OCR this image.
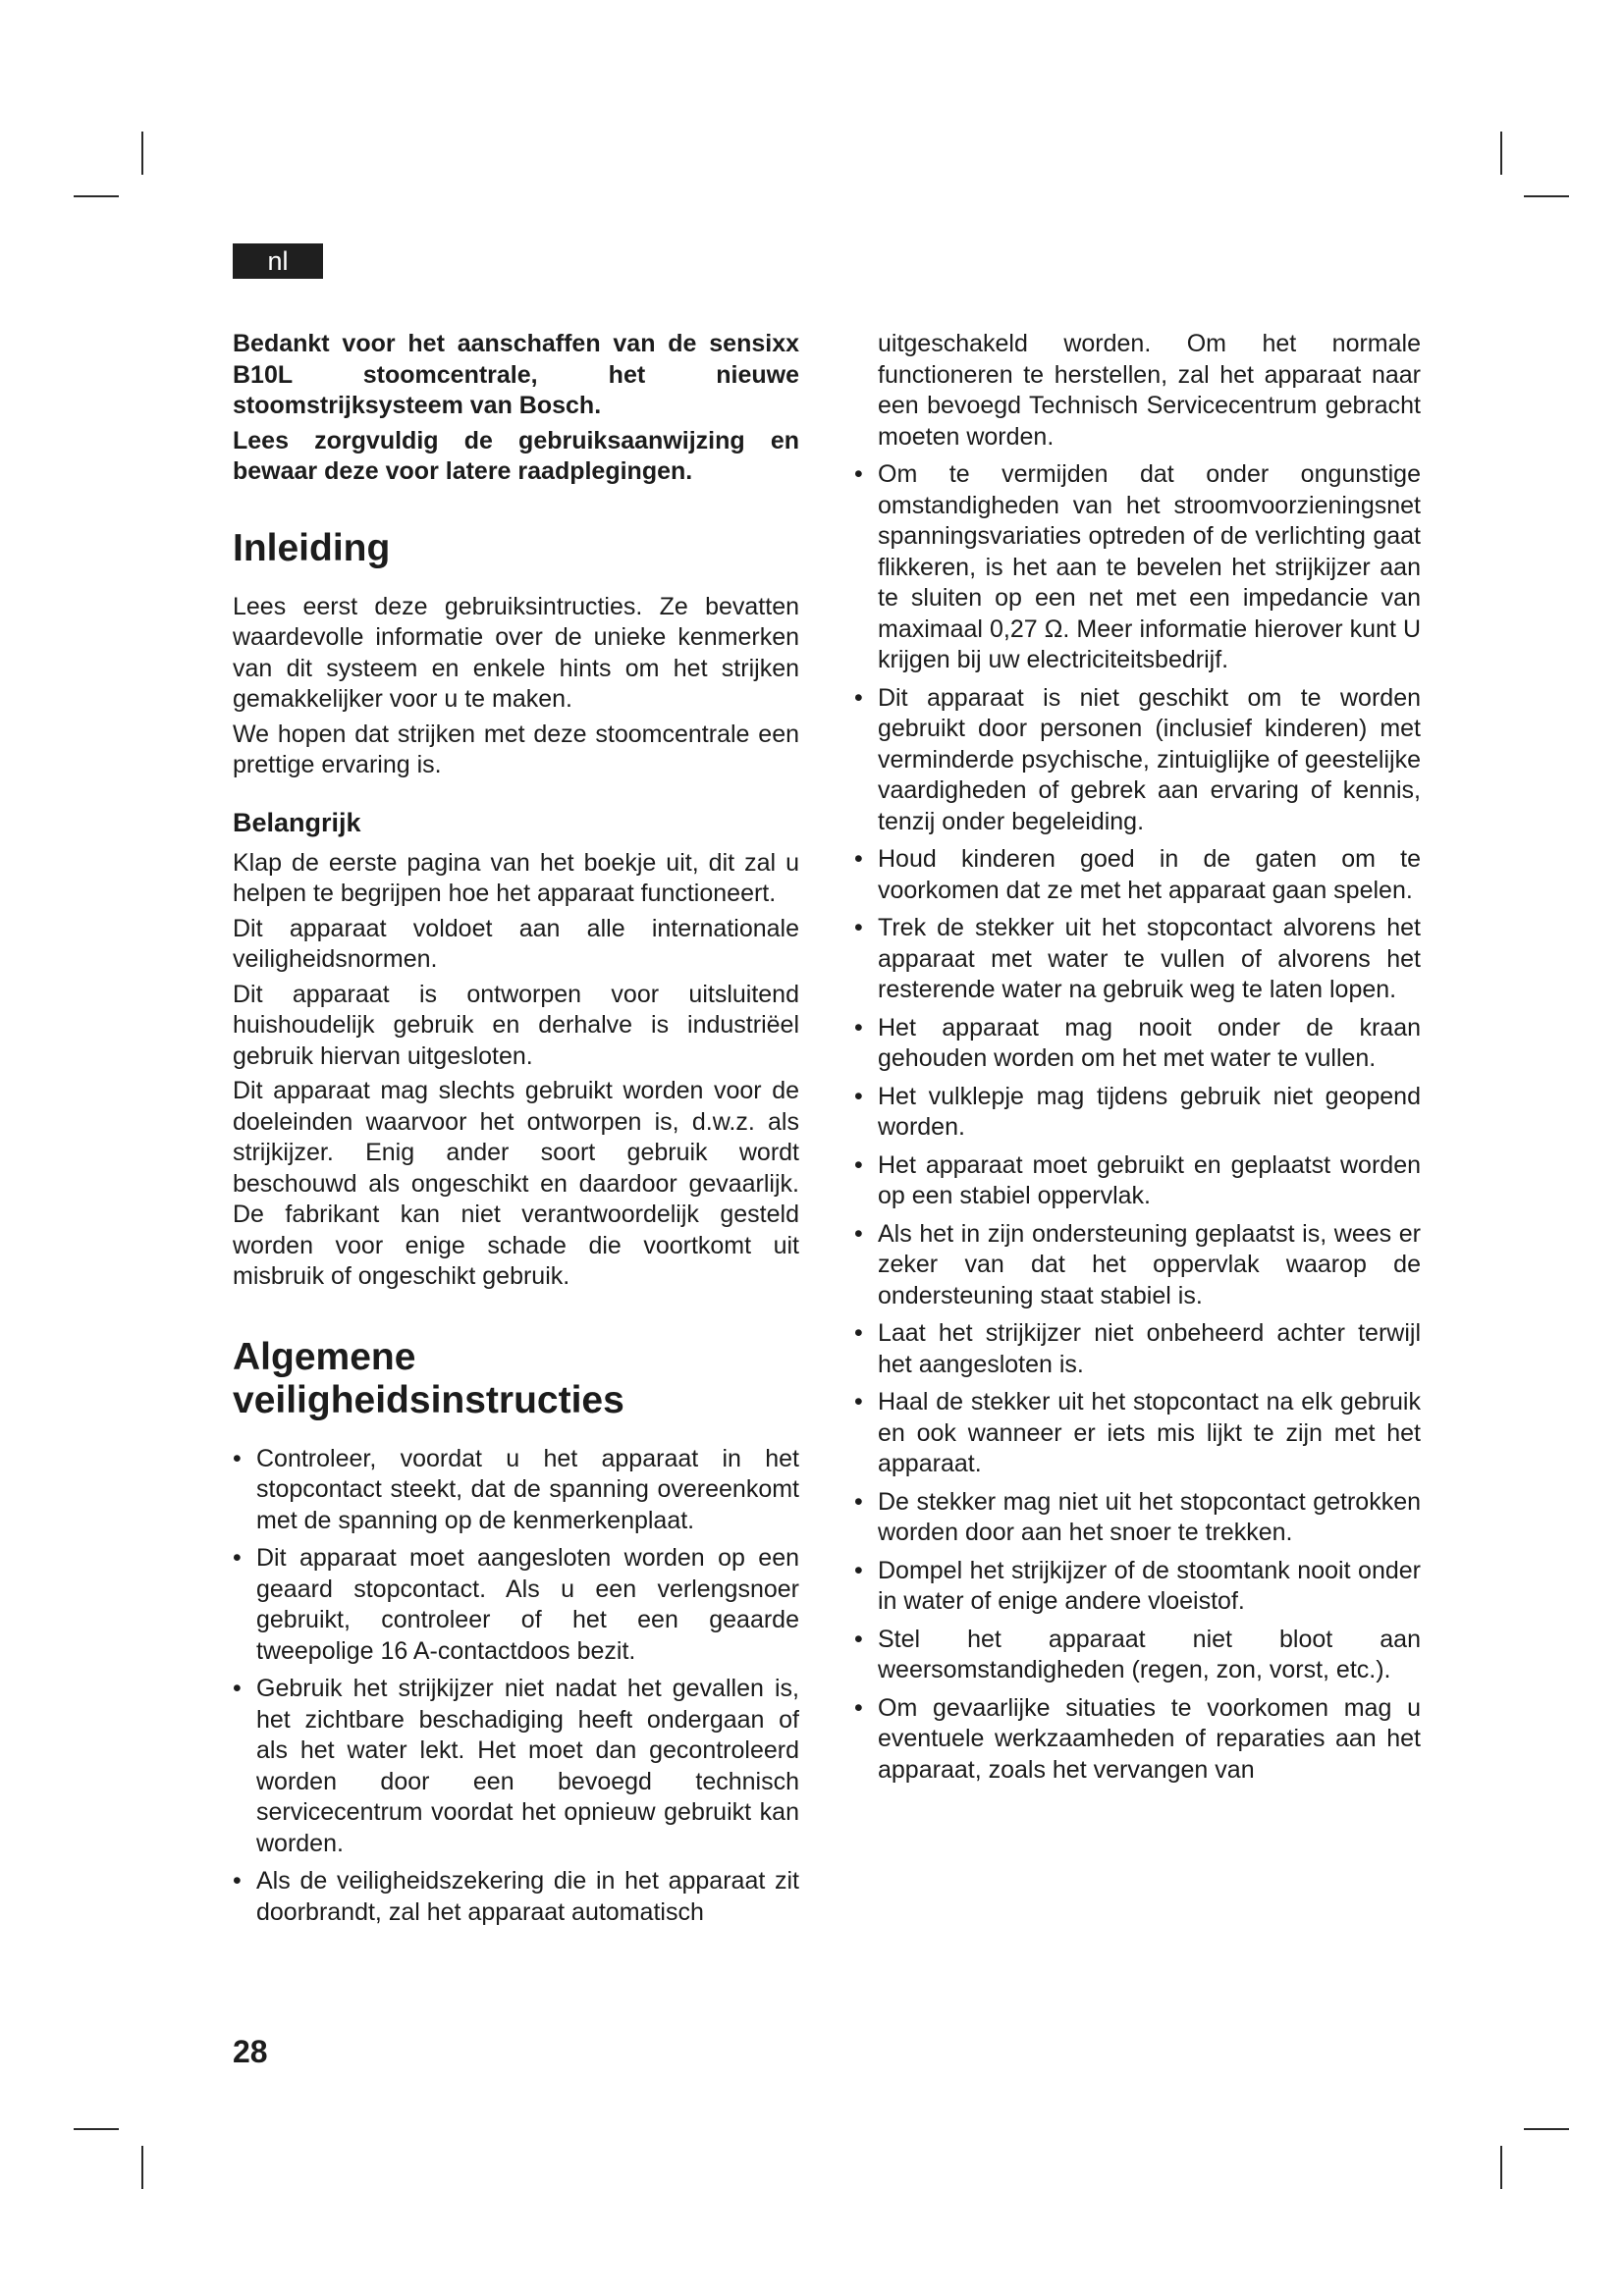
nl

Bedankt voor het aanschaffen van de sensixx B10L stoomcentrale, het nieuwe stoomstrijksysteem van Bosch.

Lees zorgvuldig de gebruiksaanwijzing en bewaar deze voor latere raadplegingen.

Inleiding

Lees eerst deze gebruiksintructies. Ze bevatten waardevolle informatie over de unieke kenmerken van dit systeem en enkele hints om het strijken gemakkelijker voor u te maken.

We hopen dat strijken met deze stoomcentrale een prettige ervaring is.

Belangrijk

Klap de eerste pagina van het boekje uit, dit zal u helpen te begrijpen hoe het apparaat functioneert.

Dit apparaat voldoet aan alle internationale veiligheidsnormen.

Dit apparaat is ontworpen voor uitsluitend huishoudelijk gebruik en derhalve is industriëel gebruik hiervan uitgesloten.

Dit apparaat mag slechts gebruikt worden voor de doeleinden waarvoor het ontworpen is, d.w.z. als strijkijzer. Enig ander soort gebruik wordt beschouwd als ongeschikt en daardoor gevaarlijk. De fabrikant kan niet verantwoordelijk gesteld worden voor enige schade die voortkomt uit misbruik of ongeschikt gebruik.

Algemene
veiligheidsinstructies
• Controleer, voordat u het apparaat in het stopcontact steekt, dat de spanning overeenkomt met de spanning op de kenmerkenplaat.
• Dit apparaat moet aangesloten worden op een geaard stopcontact. Als u een verlengsnoer gebruikt, controleer of het een geaarde tweepolige 16 A-contactdoos bezit.
• Gebruik het strijkijzer niet nadat het gevallen is, het zichtbare beschadiging heeft ondergaan of als het water lekt. Het moet dan gecontroleerd worden door een bevoegd technisch servicecentrum voordat het opnieuw gebruikt kan worden.
• Als de veiligheidszekering die in het apparaat zit doorbrandt, zal het apparaat automatisch

uitgeschakeld worden. Om het normale functioneren te herstellen, zal het apparaat naar een bevoegd Technisch Servicecentrum gebracht moeten worden.

• Om te vermijden dat onder ongunstige omstandigheden van het stroomvoorzieningsnet spanningsvariaties optreden of de verlichting gaat flikkeren, is het aan te bevelen het strijkijzer aan te sluiten op een net met een impedancie van maximaal 0,27 Ω. Meer informatie hierover kunt U krijgen bij uw electriciteitsbedrijf.
• Dit apparaat is niet geschikt om te worden gebruikt door personen (inclusief kinderen) met verminderde psychische, zintuiglijke of geestelijke vaardigheden of gebrek aan ervaring of kennis, tenzij onder begeleiding.
• Houd kinderen goed in de gaten om te voorkomen dat ze met het apparaat gaan spelen.
• Trek de stekker uit het stopcontact alvorens het apparaat met water te vullen of alvorens het resterende water na gebruik weg te laten lopen.
• Het apparaat mag nooit onder de kraan gehouden worden om het met water te vullen.
• Het vulklepje mag tijdens gebruik niet geopend worden.
• Het apparaat moet gebruikt en geplaatst worden op een stabiel oppervlak.
• Als het in zijn ondersteuning geplaatst is, wees er zeker van dat het oppervlak waarop de ondersteuning staat stabiel is.
• Laat het strijkijzer niet onbeheerd achter terwijl het aangesloten is.
• Haal de stekker uit het stopcontact na elk gebruik en ook wanneer er iets mis lijkt te zijn met het apparaat.
• De stekker mag niet uit het stopcontact getrokken worden door aan het snoer te trekken.
• Dompel het strijkijzer of de stoomtank nooit onder in water of enige andere vloeistof.
• Stel het apparaat niet bloot aan weersomstandigheden (regen, zon, vorst, etc.).
• Om gevaarlijke situaties te voorkomen mag u eventuele werkzaamheden of reparaties aan het apparaat, zoals het vervangen van
28
